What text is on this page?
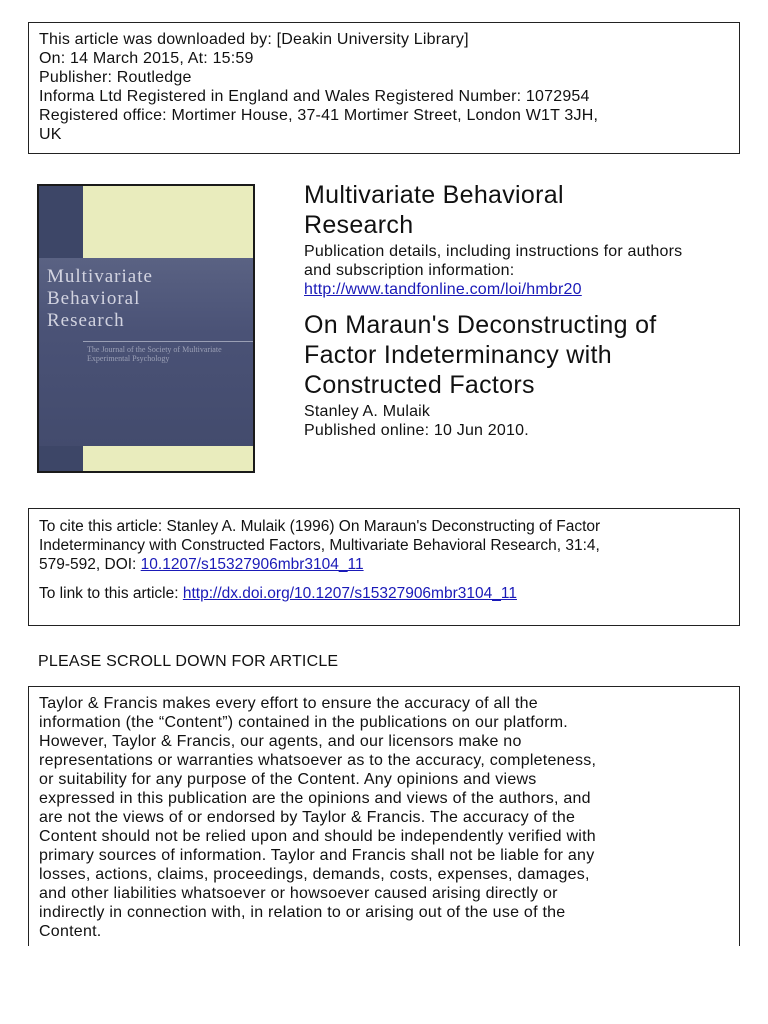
This article was downloaded by: [Deakin University Library]
On: 14 March 2015, At: 15:59
Publisher: Routledge
Informa Ltd Registered in England and Wales Registered Number: 1072954
Registered office: Mortimer House, 37-41 Mortimer Street, London W1T 3JH,
UK
Multivariate
Behavioral
Research
The Journal of the Society of Multivariate Experimental Psychology
Multivariate Behavioral
Research
Publication details, including instructions for authors
and subscription information:
http://www.tandfonline.com/loi/hmbr20
On Maraun's Deconstructing of
Factor Indeterminancy with
Constructed Factors
Stanley A. Mulaik
Published online: 10 Jun 2010.
To cite this article: Stanley A. Mulaik (1996) On Maraun's Deconstructing of Factor
Indeterminancy with Constructed Factors, Multivariate Behavioral Research, 31:4,
579-592, DOI: 10.1207/s15327906mbr3104_11
To link to this article: http://dx.doi.org/10.1207/s15327906mbr3104_11
PLEASE SCROLL DOWN FOR ARTICLE
Taylor & Francis makes every effort to ensure the accuracy of all the
information (the “Content”) contained in the publications on our platform.
However, Taylor & Francis, our agents, and our licensors make no
representations or warranties whatsoever as to the accuracy, completeness,
or suitability for any purpose of the Content. Any opinions and views
expressed in this publication are the opinions and views of the authors, and
are not the views of or endorsed by Taylor & Francis. The accuracy of the
Content should not be relied upon and should be independently verified with
primary sources of information. Taylor and Francis shall not be liable for any
losses, actions, claims, proceedings, demands, costs, expenses, damages,
and other liabilities whatsoever or howsoever caused arising directly or
indirectly in connection with, in relation to or arising out of the use of the
Content.
